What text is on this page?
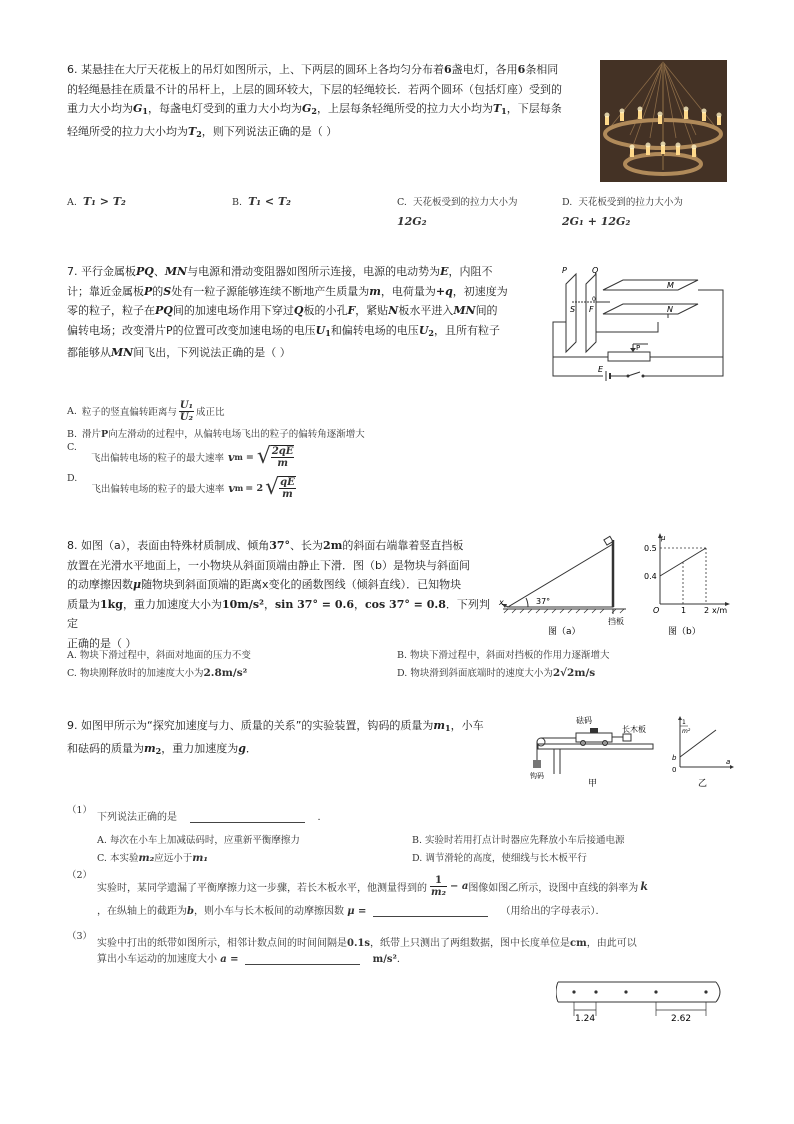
6. 某悬挂在大厅天花板上的吊灯如图所示，上、下两层的圆环上各均匀分布着6盏电灯，各用6条相同
的轻绳悬挂在质量不计的吊杆上，上层的圆环较大，下层的轻绳较长．若两个圆环（包括灯座）受到的
重力大小均为$G_1$，每盏电灯受到的重力大小均为$G_2$，上层每条轻绳所受的拉力大小均为$T_1$，下层每条
轻绳所受的拉力大小均为$T_2$，则下列说法正确的是（ ）
A. T₁ > T₂	B. T₁ < T₂	C. 天花板受到的拉力大小为
12G₂
D. 天花板受到的拉力大小为
2G₁ + 12G₂
7. 平行金属板PQ、MN与电源和滑动变阻器如图所示连接，电源的电动势为E，内阻不
计；靠近金属板P的S处有一粒子源能够连续不断地产生质量为m，电荷量为+q，初速度为
零的粒子，粒子在PQ间的加速电场作用下穿过Q板的小孔F，紧贴N板水平进入MN间的
偏转电场；改变滑片P的位置可改变加速电场的电压$U_1$和偏转电场的电压$U_2$，且所有粒子
都能够从MN间飞出，下列说法正确的是（ ）
P	Q
S F
0
M
N
P
E
A. 粒子的竖直偏转距离与 $\frac{\text{U₁}}{\text{U₂}}$ 成正比
B. 滑片P向左滑动的过程中，从偏转电场飞出的粒子的偏转角逐渐增大
C.
飞出偏转电场的粒子的最大速率 v m = √ $\frac{2qE}{m}$
D.
飞出偏转电场的粒子的最大速率 v m = 2 √ $\frac{qE}{m}$
8. 如图（a），表面由特殊材质制成、倾角37°、长为2m的斜面右端靠着竖直挡板
放置在光滑水平地面上，一小物块从斜面顶端由静止下滑．图（b）是物块与斜面间
的动摩擦因数μ随物块到斜面顶端的距离x变化的函数图线（倾斜直线）．已知物块
质量为1kg，重力加速度大小为10m/s²，sin 37° = 0.6，cos 37° = 0.8．下列判定
正确的是（ ）
x	37°
挡板
图（a）
μ
0.5
0.4
O	1 2 x/m
图（b）
A. 物块下滑过程中，斜面对地面的压力不变	B. 物块下滑过程中，斜面对挡板的作用力逐渐增大
C. 物块刚释放时的加速度大小为2.8m/s²	D. 物块滑到斜面底端时的速度大小为2√2m/s
9. 如图甲所示为“探究加速度与力、质量的关系”的实验装置，钩码的质量为$m_1$，小车
和砝码的质量为$m_2$，重力加速度为g．
砝码
长木板
钩码
甲
1
m²
b
0
a
乙
（1）
下列说法正确的是	．
A. 每次在小车上加减砝码时，应重新平衡摩擦力	B. 实验时若用打点计时器应先释放小车后接通电源
C. 本实验m₂应远小于m₁	D. 调节滑轮的高度，使细线与长木板平行
（2）
实验时，某同学遗漏了平衡摩擦力这一步骤，若长木板水平，他测量得到的 $\frac{1}{\text{m₂}} - a$ 图像如图乙所示，设图中直线的斜率为 k
，在纵轴上的截距为b，则小车与长木板间的动摩擦因数 μ =	（用给出的字母表示）．
（3）
实验中打出的纸带如图所示，相邻计数点间的时间间隔是0.1s，纸带上只测出了两组数据，图中长度单位是cm，由此可以
算出小车运动的加速度大小 a =	m/s²．
1.24	2.62
